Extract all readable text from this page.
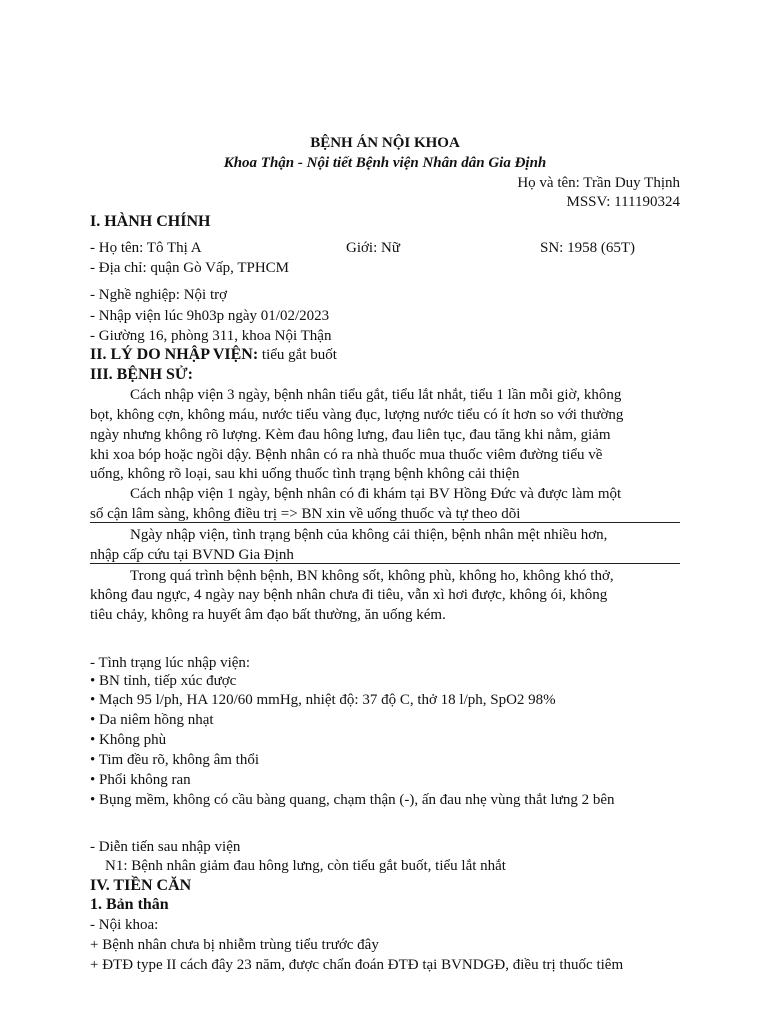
BỆNH ÁN NỘI KHOA
Khoa Thận - Nội tiết Bệnh viện Nhân dân Gia Định
Họ và tên: Trần Duy Thịnh
MSSV: 111190324
I. HÀNH CHÍNH
- Họ tên: Tô Thị A	Giới: Nữ	SN: 1958 (65T)
- Địa chỉ: quận Gò Vấp, TPHCM
- Nghề nghiệp: Nội trợ
- Nhập viện lúc 9h03p ngày 01/02/2023
- Giường 16, phòng 311, khoa Nội Thận
II. LÝ DO NHẬP VIỆN: tiểu gắt buốt
III. BỆNH SỬ:
Cách nhập viện 3 ngày, bệnh nhân tiểu gắt, tiểu lắt nhắt, tiểu 1 lần mỗi giờ, không
bọt, không cợn, không máu, nước tiểu vàng đục, lượng nước tiểu có ít hơn so với thường
ngày nhưng không rõ lượng. Kèm đau hông lưng, đau liên tục, đau tăng khi nằm, giảm
khi xoa bóp hoặc ngồi dậy. Bệnh nhân có ra nhà thuốc mua thuốc viêm đường tiểu về
uống, không rõ loại, sau khi uống thuốc tình trạng bệnh không cải thiện
Cách nhập viện 1 ngày, bệnh nhân có đi khám tại BV Hồng Đức và được làm một
số cận lâm sàng, không điều trị => BN xin về uống thuốc và tự theo dõi
Ngày nhập viện, tình trạng bệnh của không cải thiện, bệnh nhân mệt nhiều hơn,
nhập cấp cứu tại BVND Gia Định
Trong quá trình bệnh bệnh, BN không sốt, không phù, không ho, không khó thở,
không đau ngực, 4 ngày nay bệnh nhân chưa đi tiêu, vẫn xì hơi được, không ói, không
tiêu chảy, không ra huyết âm đạo bất thường, ăn uống kém.
- Tình trạng lúc nhập viện:
• BN tỉnh, tiếp xúc được
• Mạch 95 l/ph, HA 120/60 mmHg, nhiệt độ: 37 độ C, thở 18 l/ph, SpO2 98%
• Da niêm hồng nhạt
• Không phù
• Tim đều rõ, không âm thổi
• Phổi không ran
• Bụng mềm, không có cầu bàng quang, chạm thận (-), ấn đau nhẹ vùng thắt lưng 2 bên
- Diễn tiến sau nhập viện
N1: Bệnh nhân giảm đau hông lưng, còn tiểu gắt buốt, tiểu lắt nhắt
IV. TIỀN CĂN
1. Bản thân
- Nội khoa:
+ Bệnh nhân chưa bị nhiễm trùng tiểu trước đây
+ ĐTĐ type II cách đây 23 năm, được chẩn đoán ĐTĐ tại BVNDGĐ, điều trị thuốc tiêm
